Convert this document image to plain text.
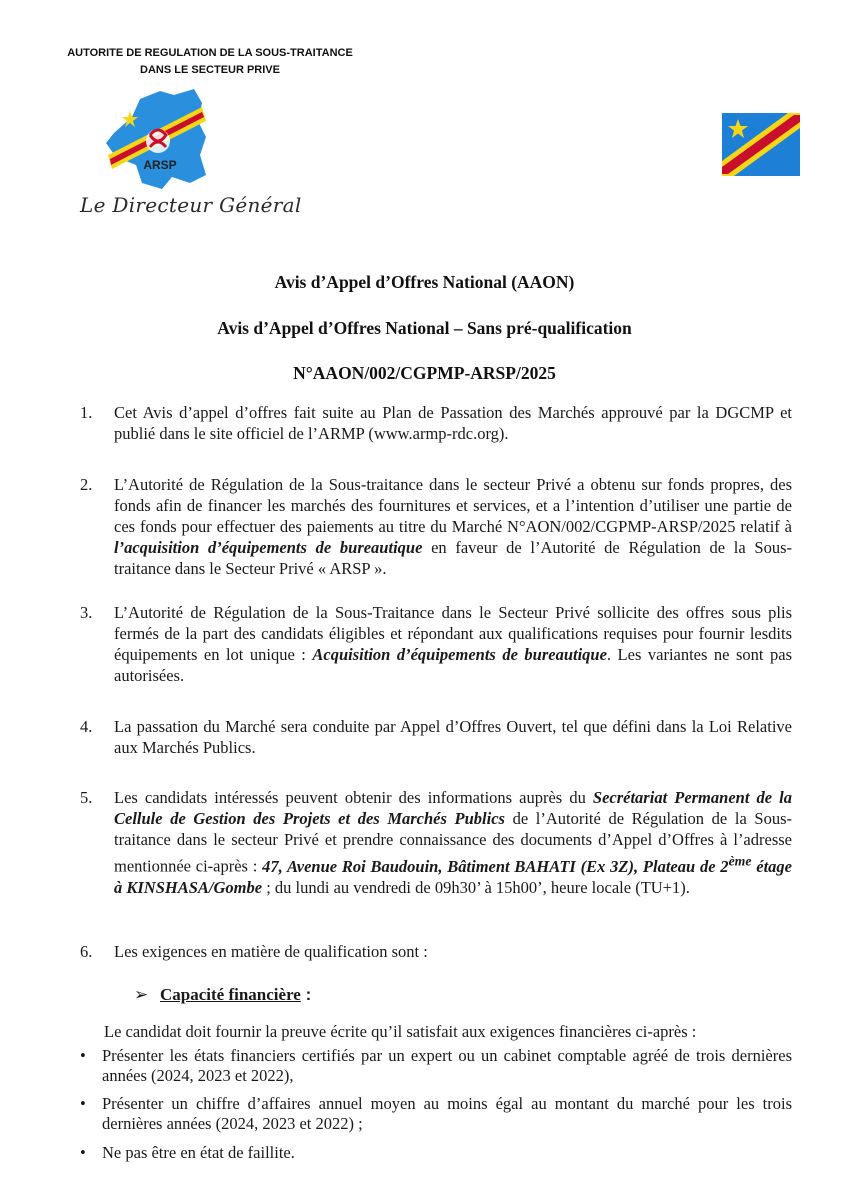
AUTORITE DE REGULATION DE LA SOUS-TRAITANCE
DANS LE SECTEUR PRIVE
ARSP
Le Directeur Général
Avis d’Appel d’Offres National (AAON)
Avis d’Appel d’Offres National – Sans pré-qualification
N°AAON/002/CGPMP-ARSP/2025
1. Cet Avis d’appel d’offres fait suite au Plan de Passation des Marchés approuvé par la DGCMP et publié dans le site officiel de l’ARMP (www.armp-rdc.org).
2. L’Autorité de Régulation de la Sous-traitance dans le secteur Privé a obtenu sur fonds propres, des fonds afin de financer les marchés des fournitures et services, et a l’intention d’utiliser une partie de ces fonds pour effectuer des paiements au titre du Marché N°AON/002/CGPMP-ARSP/2025 relatif à l’acquisition d’équipements de bureautique en faveur de l’Autorité de Régulation de la Sous-traitance dans le Secteur Privé « ARSP ».
3. L’Autorité de Régulation de la Sous-Traitance dans le Secteur Privé sollicite des offres sous plis fermés de la part des candidats éligibles et répondant aux qualifications requises pour fournir lesdits équipements en lot unique : Acquisition d’équipements de bureautique. Les variantes ne sont pas autorisées.
4. La passation du Marché sera conduite par Appel d’Offres Ouvert, tel que défini dans la Loi Relative aux Marchés Publics.
5. Les candidats intéressés peuvent obtenir des informations auprès du Secrétariat Permanent de la Cellule de Gestion des Projets et des Marchés Publics de l’Autorité de Régulation de la Sous-traitance dans le secteur Privé et prendre connaissance des documents d’Appel d’Offres à l’adresse mentionnée ci-après : 47, Avenue Roi Baudouin, Bâtiment BAHATI (Ex 3Z), Plateau de 2ème étage à KINSHASA/Gombe ; du lundi au vendredi de 09h30’ à 15h00’, heure locale (TU+1).
6. Les exigences en matière de qualification sont :
➢ Capacité financière :
Le candidat doit fournir la preuve écrite qu’il satisfait aux exigences financières ci-après :
• Présenter les états financiers certifiés par un expert ou un cabinet comptable agréé de trois dernières années (2024, 2023 et 2022),
• Présenter un chiffre d’affaires annuel moyen au moins égal au montant du marché pour les trois dernières années (2024, 2023 et 2022) ;
• Ne pas être en état de faillite.
